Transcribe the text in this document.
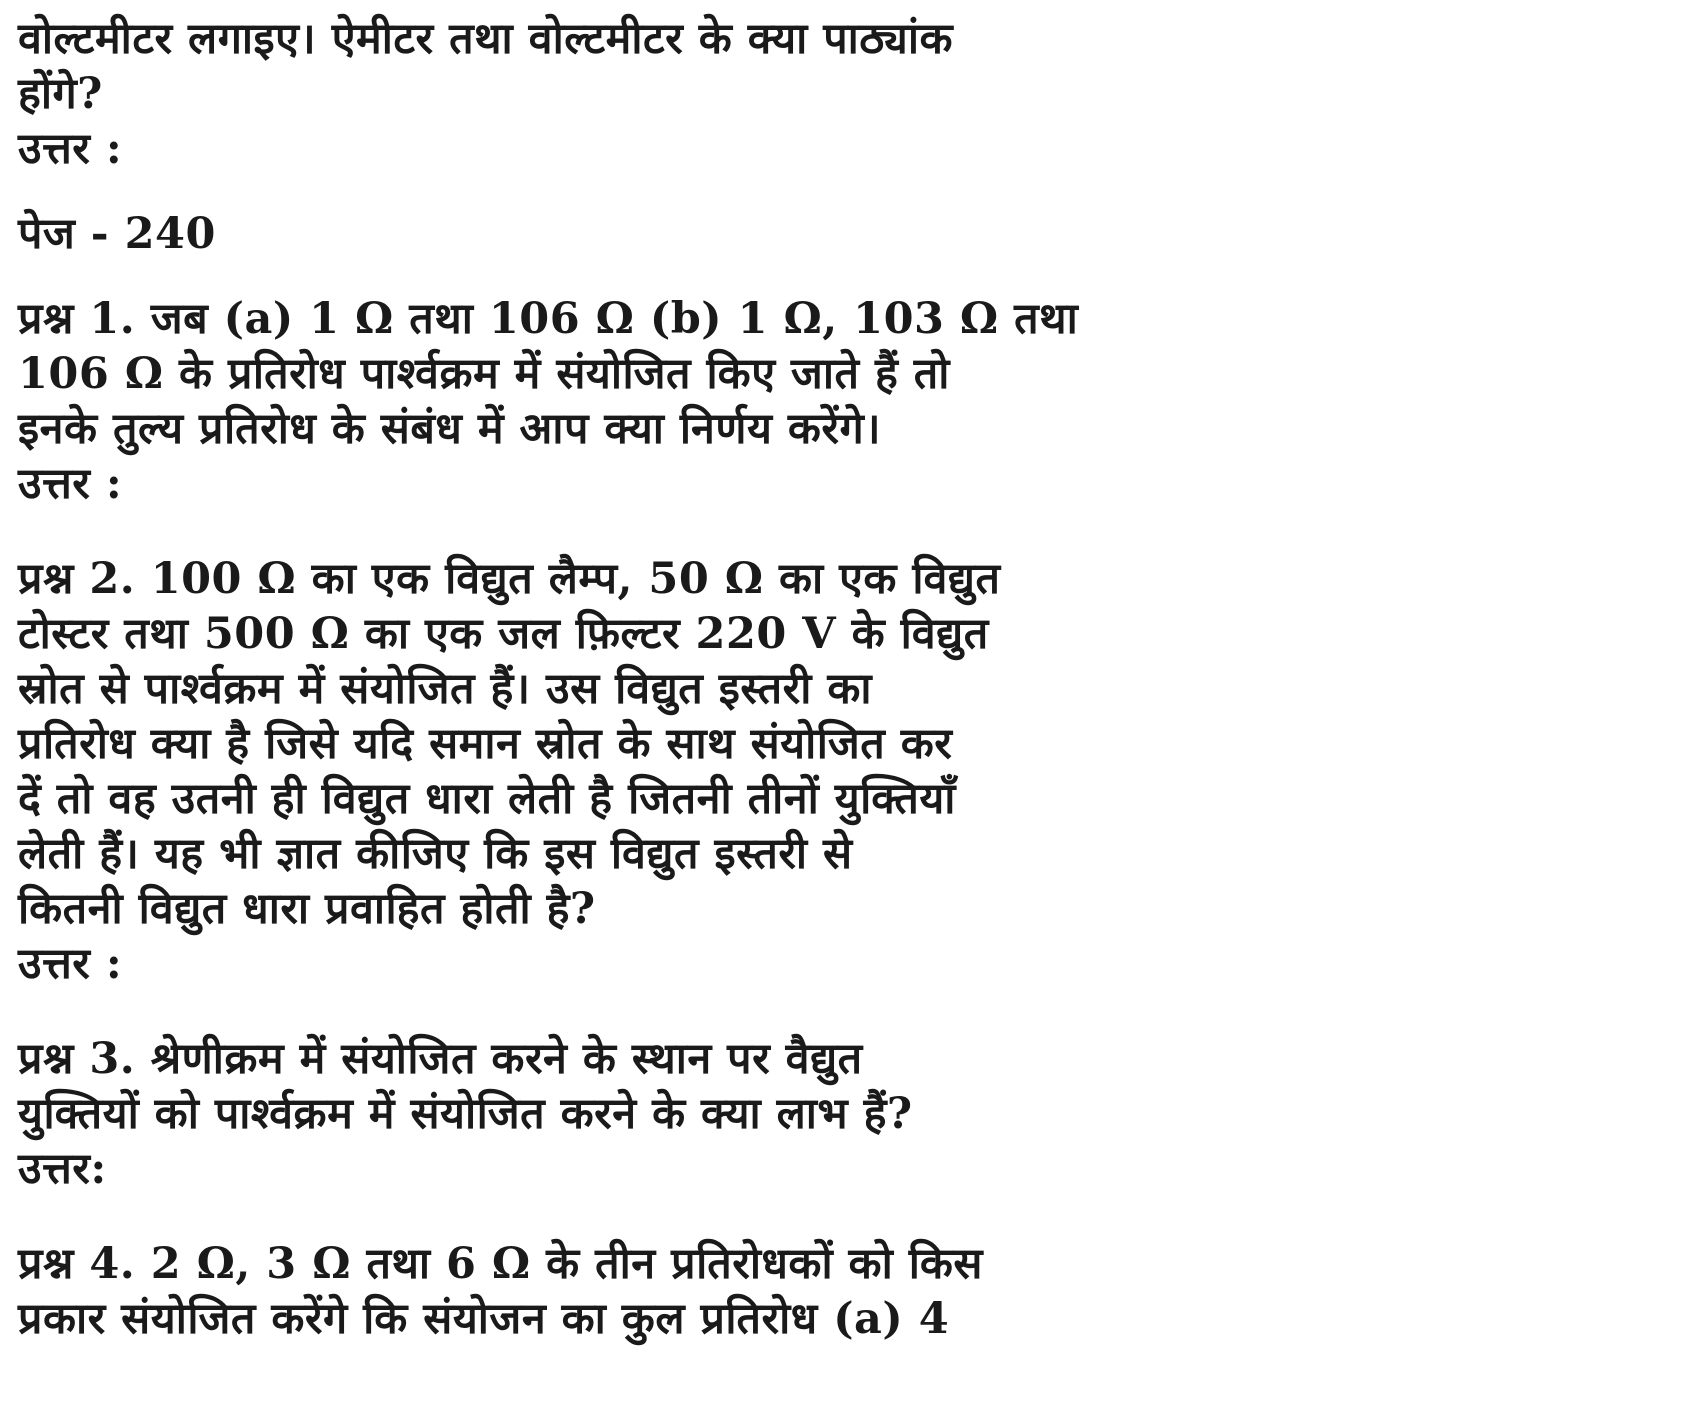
वोल्टमीटर लगाइए। ऐमीटर तथा वोल्टमीटर के क्या पाठ्यांक
होंगे?
उत्तर :
पेज - 240
प्रश्न 1. जब (a) 1 Ω तथा 106 Ω (b) 1 Ω, 103 Ω तथा
106 Ω के प्रतिरोध पार्श्वक्रम में संयोजित किए जाते हैं तो
इनके तुल्य प्रतिरोध के संबंध में आप क्या निर्णय करेंगे।
उत्तर :
प्रश्न 2. 100 Ω का एक विद्युत लैम्प, 50 Ω का एक विद्युत
टोस्टर तथा 500 Ω का एक जल फ़िल्टर 220 V के विद्युत
स्रोत से पार्श्वक्रम में संयोजित हैं। उस विद्युत इस्तरी का
प्रतिरोध क्या है जिसे यदि समान स्रोत के साथ संयोजित कर
दें तो वह उतनी ही विद्युत धारा लेती है जितनी तीनों युक्तियाँ
लेती हैं। यह भी ज्ञात कीजिए कि इस विद्युत इस्तरी से
कितनी विद्युत धारा प्रवाहित होती है?
उत्तर :
प्रश्न 3. श्रेणीक्रम में संयोजित करने के स्थान पर वैद्युत
युक्तियों को पार्श्वक्रम में संयोजित करने के क्या लाभ हैं?
उत्तर:
प्रश्न 4. 2 Ω, 3 Ω तथा 6 Ω के तीन प्रतिरोधकों को किस
प्रकार संयोजित करेंगे कि संयोजन का कुल प्रतिरोध (a) 4
